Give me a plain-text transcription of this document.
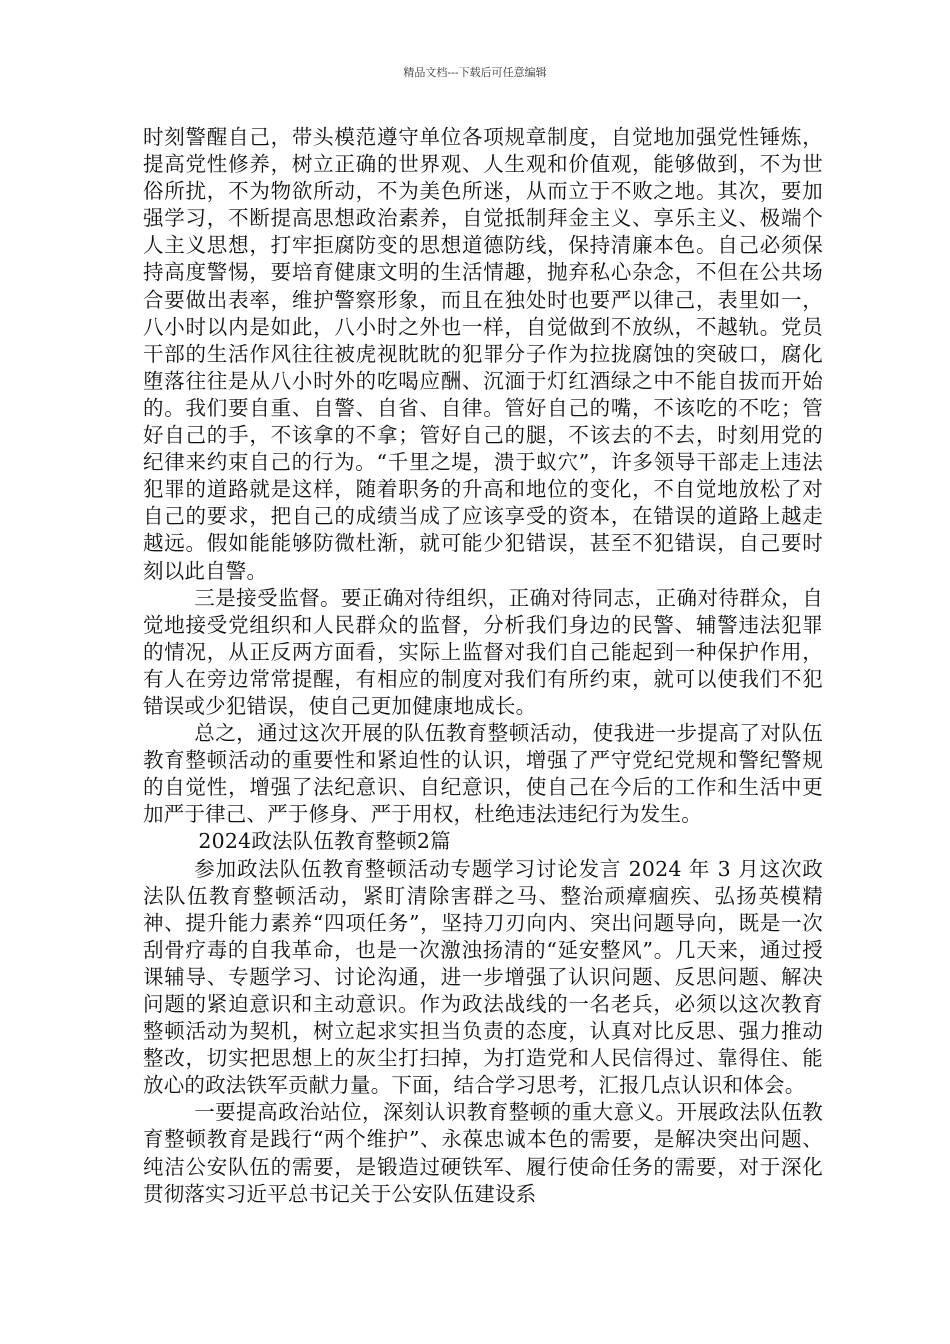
精品文档---下载后可任意编辑

时刻警醒自己，带头模范遵守单位各项规章制度，自觉地加强党性锤炼，提高党性修养，树立正确的世界观、人生观和价值观，能够做到，不为世俗所扰，不为物欲所动，不为美色所迷，从而立于不败之地。其次，要加强学习，不断提高思想政治素养，自觉抵制拜金主义、享乐主义、极端个人主义思想，打牢拒腐防变的思想道德防线，保持清廉本色。自己必须保持高度警惕，要培育健康文明的生活情趣，抛弃私心杂念，不但在公共场合要做出表率，维护警察形象，而且在独处时也要严以律己，表里如一，八小时以内是如此，八小时之外也一样，自觉做到不放纵，不越轨。党员干部的生活作风往往被虎视眈眈的犯罪分子作为拉拢腐蚀的突破口，腐化堕落往往是从八小时外的吃喝应酬、沉湎于灯红酒绿之中不能自拔而开始的。我们要自重、自警、自省、自律。管好自己的嘴，不该吃的不吃；管好自己的手，不该拿的不拿；管好自己的腿，不该去的不去，时刻用党的纪律来约束自己的行为。“千里之堤，溃于蚁穴”，许多领导干部走上违法犯罪的道路就是这样，随着职务的升高和地位的变化，不自觉地放松了对自己的要求，把自己的成绩当成了应该享受的资本，在错误的道路上越走越远。假如能能够防微杜渐，就可能少犯错误，甚至不犯错误，自己要时刻以此自警。

三是接受监督。要正确对待组织，正确对待同志，正确对待群众，自觉地接受党组织和人民群众的监督，分析我们身边的民警、辅警违法犯罪的情况，从正反两方面看，实际上监督对我们自己能起到一种保护作用，有人在旁边常常提醒，有相应的制度对我们有所约束，就可以使我们不犯错误或少犯错误，使自己更加健康地成长。

总之，通过这次开展的队伍教育整顿活动，使我进一步提高了对队伍教育整顿活动的重要性和紧迫性的认识，增强了严守党纪党规和警纪警规的自觉性，增强了法纪意识、自纪意识，使自己在今后的工作和生活中更加严于律己、严于修身、严于用权，杜绝违法违纪行为发生。

2024政法队伍教育整顿2篇

参加政法队伍教育整顿活动专题学习讨论发言 2024 年 3 月这次政法队伍教育整顿活动，紧盯清除害群之马、整治顽瘴痼疾、弘扬英模精神、提升能力素养“四项任务”，坚持刀刃向内、突出问题导向，既是一次刮骨疗毒的自我革命，也是一次激浊扬清的“延安整风”。几天来，通过授课辅导、专题学习、讨论沟通，进一步增强了认识问题、反思问题、解决问题的紧迫意识和主动意识。作为政法战线的一名老兵，必须以这次教育整顿活动为契机，树立起求实担当负责的态度，认真对比反思、强力推动整改，切实把思想上的灰尘打扫掉，为打造党和人民信得过、靠得住、能放心的政法铁军贡献力量。下面，结合学习思考，汇报几点认识和体会。

一要提高政治站位，深刻认识教育整顿的重大意义。开展政法队伍教育整顿教育是践行“两个维护”、永葆忠诚本色的需要，是解决突出问题、纯洁公安队伍的需要，是锻造过硬铁军、履行使命任务的需要，对于深化贯彻落实习近平总书记关于公安队伍建设系
